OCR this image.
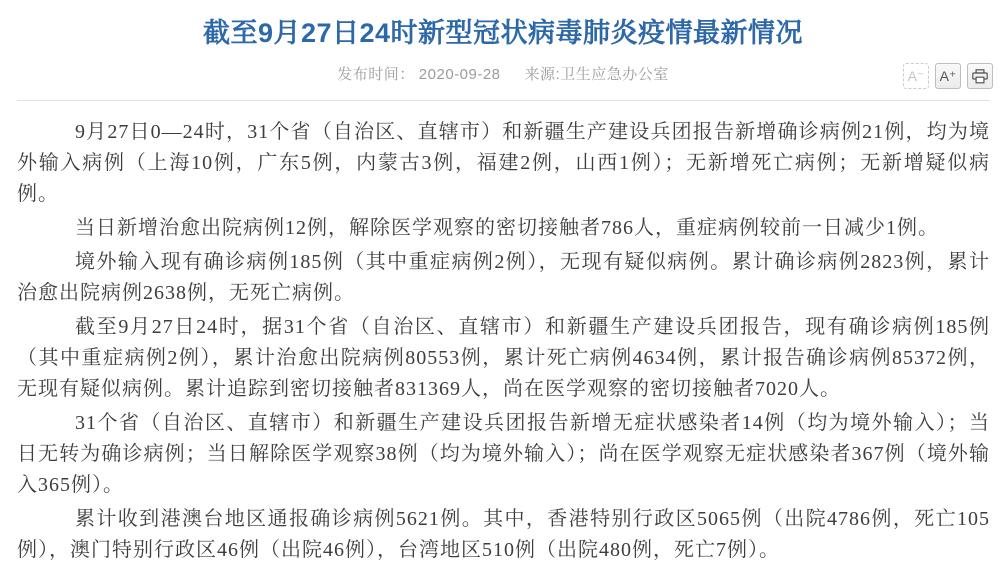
截至9月27日24时新型冠状病毒肺炎疫情最新情况
发布时间： 2020-09-28 来源:卫生应急办公室	A⁻ A⁺

9月27日0—24时，31个省（自治区、直辖市）和新疆生产建设兵团报告新增确诊病例21例，均为境外输入病例（上海10例，广东5例，内蒙古3例，福建2例，山西1例）；无新增死亡病例；无新增疑似病例。

当日新增治愈出院病例12例，解除医学观察的密切接触者786人，重症病例较前一日减少1例。

境外输入现有确诊病例185例（其中重症病例2例），无现有疑似病例。累计确诊病例2823例，累计治愈出院病例2638例，无死亡病例。

截至9月27日24时，据31个省（自治区、直辖市）和新疆生产建设兵团报告，现有确诊病例185例（其中重症病例2例），累计治愈出院病例80553例，累计死亡病例4634例，累计报告确诊病例85372例，无现有疑似病例。累计追踪到密切接触者831369人，尚在医学观察的密切接触者7020人。

31个省（自治区、直辖市）和新疆生产建设兵团报告新增无症状感染者14例（均为境外输入）；当日无转为确诊病例；当日解除医学观察38例（均为境外输入）；尚在医学观察无症状感染者367例（境外输入365例）。

累计收到港澳台地区通报确诊病例5621例。其中，香港特别行政区5065例（出院4786例，死亡105例），澳门特别行政区46例（出院46例），台湾地区510例（出院480例，死亡7例）。
